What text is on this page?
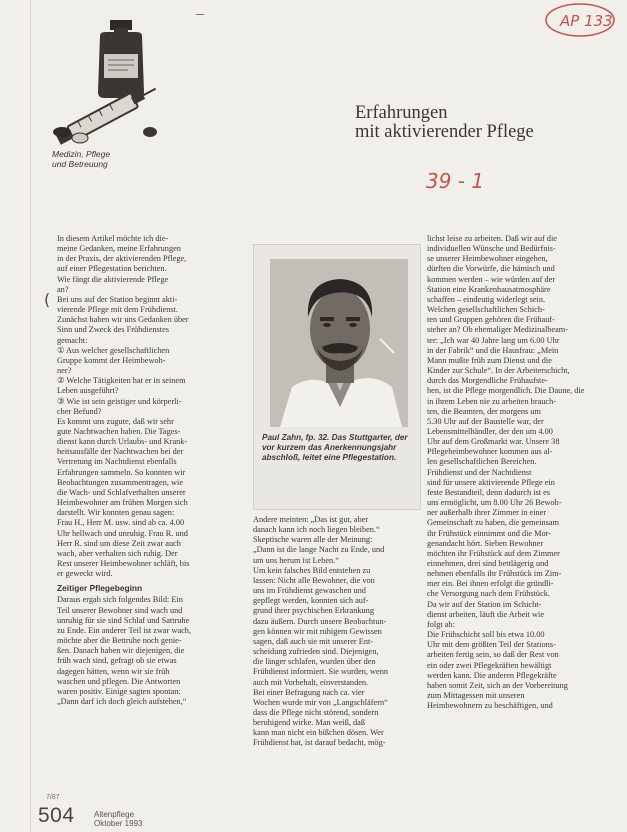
Medizin, Pflege
und Betreuung
AP 133
Erfahrungen
mit aktivierender Pflege
39 - 1
In diesem Artikel möchte ich die-
meine Gedanken, meine Erfahrungen
in der Praxis, der aktivierenden Pflege,
auf einer Pflegestation berichten.
Wie fängt die aktivierende Pflege
an?
Bei uns auf der Station beginnt akti-
vierende Pflege mit dem Frühdienst.
Zunächst haben wir uns Gedanken über
Sinn und Zweck des Frühdienstes
gemacht:
① Aus welcher gesellschaftlichen
Gruppe kommt der Heimbewoh-
ner?
② Welche Tätigkeiten hat er in seinem
Leben ausgeführt?
③ Wie ist sein geistiger und körperli-
cher Befund?
Es kommt uns zugute, daß wir sehr
gute Nachtwachen haben. Die Tages-
dienst kann durch Urlaubs- und Krank-
heitsausfälle der Nachtwachen bei der
Vertretung im Nachtdienst ebenfalls
Erfahrungen sammeln. So konnten wir
Beobachtungen zusammentragen, wie
die Wach- und Schlafverhalten unserer
Heimbewohner am frühen Morgen sich
darstellt. Wir konnten genau sagen:
Frau H., Herr M. usw. sind ab ca. 4.00
Uhr hellwach und unruhig. Frau R. und
Herr R. sind um diese Zeit zwar auch
wach, aber verhalten sich ruhig. Der
Rest unserer Heimbewohner schläft, bis
er geweckt wird.
Zeitiger Pflegebeginn
Daraus ergab sich folgendes Bild: Ein
Teil unserer Bewohner sind wach und
unruhig für sie sind Schlaf und Sattruhe
zu Ende. Ein anderer Teil ist zwar wach,
möchte aber die Bettruhe noch genie-
ßen. Danach haben wir diejenigen, die
früh wach sind, gefragt ob sie etwas
dagegen hätten, wenn wir sie früh
waschen und pflegen. Die Antworten
waren positiv. Einige sagten spontan:
„Dann darf ich doch gleich aufstehen,“
(
Paul Zahn, fp. 32. Das Stuttgarter, der vor kurzem das Anerkennungsjahr abschloß, leitet eine Pflegestation.
Andere meinten: „Das ist gut, aber
danach kann ich noch liegen bleiben.“
Skeptische waren alle der Meinung:
„Dann ist die lange Nacht zu Ende, und
um uns herum ist Leben.“
Um kein falsches Bild entstehen zu
lassen: Nicht alle Bewohner, die von
uns im Frühdienst gewaschen und
gepflegt werden, konnten sich auf-
grund ihrer psychischen Erkrankung
dazu äußern. Durch unsere Beobachtun-
gen können wir mit ruhigem Gewissen
sagen, daß auch sie mit unserer Ent-
scheidung zufrieden sind. Diejenigen,
die länger schlafen, wurden über den
Frühdienst informiert. Sie wurden, wenn
auch mit Vorbehalt, einverstanden.
Bei einer Befragung nach ca. vier
Wochen wurde mir von „Langschläfern“
dass die Pflege nicht störend, sondern
beruhigend wirke. Man weiß, daß
kann man nicht ein bißchen dösen. Wer
Frühdienst hat, ist darauf bedacht, mög-
lichst leise zu arbeiten. Daß wir auf die
individuellen Wünsche und Bedürfnis-
se unserer Heimbewohner eingehen,
dürften die Vorwürfe, die hämisch und
kommen werden – wie würden auf der
Station eine Krankenhausatmosphäre
schaffen – eindeutig widerlegt sein.
Welchen gesellschaftlichen Schich-
ten und Gruppen gehören die Frühauf-
steher an? Ob ehemaliger Medizinalbeam-
ter: „Ich war 40 Jahre lang um 6.00 Uhr
in der Fabrik“ und die Hausfrau: „Mein
Mann mußte früh zum Dienst und die
Kinder zur Schule“. In der Arbeiterschicht,
durch das Morgendliche Frühaufste-
hen, ist die Pflege morgendlich. Die Daune, die
in ihrem Leben nie zu arbeiten brauch-
ten, die Beamten, der morgens um
5.30 Uhr auf der Baustelle war, der
Lebensmittelhändler, der den um 4.00
Uhr auf dem Großmarkt war. Unsere 38
Pflegeheimbewohner kommen aus al-
len gesellschaftlichen Bereichen.
Frühdienst und der Nachtdienst
sind für unsere aktivierende Pflege ein
feste Bestandteil, denn dadurch ist es
uns ermöglicht, um 8.00 Uhr 26 Bewoh-
ner außerhalb ihrer Zimmer in einer
Gemeinschaft zu haben, die gemeinsam
ihr Frühstück einnimmt und die Mor-
genandacht hört. Sieben Bewohner
möchten ihr Frühstück auf dem Zimmer
einnehmen, drei sind bettlägerig und
nehmen ebenfalls ihr Frühstück im Zim-
mer ein. Bei ihnen erfolgt die gründli-
che Versorgung nach dem Frühstück.
Da wir auf der Station im Schicht-
dienst arbeiten, läuft die Arbeit wie
folgt ab:
Die Frühschicht soll bis etwa 10.00
Uhr mit dem größten Teil der Stations-
arbeiten fertig sein, so daß der Rest von
ein oder zwei Pflegekräften bewältigt
werden kann. Die anderen Pflegekräfte
haben somit Zeit, sich an der Vorbereitung
zum Mittagessen mit unseren
Heimbewohnern zu beschäftigen, und
7/87
504 Altenpflege
Oktober 1993
